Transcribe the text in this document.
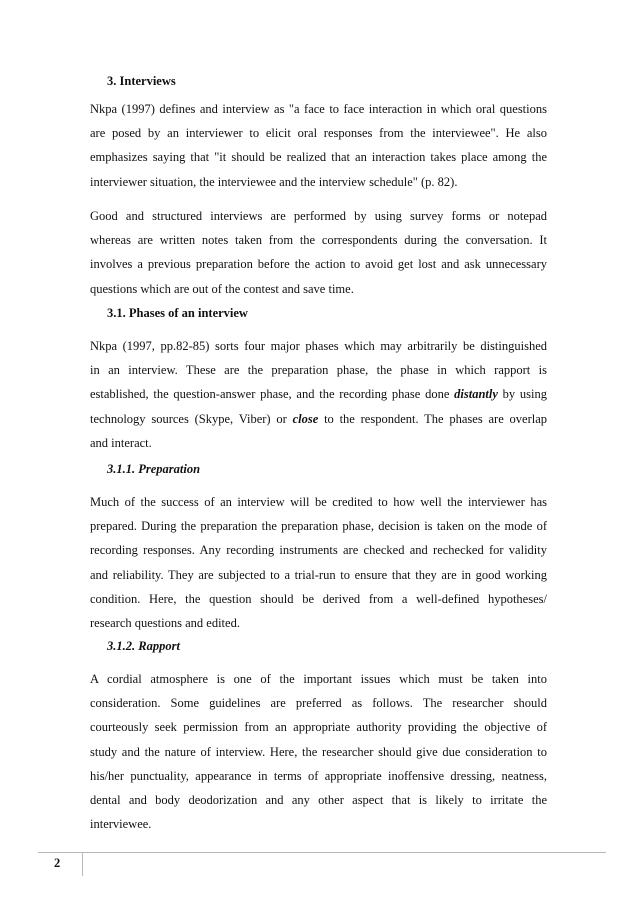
3. Interviews

Nkpa (1997) defines and interview as "a face to face interaction in which oral questions
are posed by an interviewer to elicit oral responses from the interviewee". He also
emphasizes saying that "it should be realized that an interaction takes place among the
interviewer situation, the interviewee and the interview schedule" (p. 82).

Good and structured interviews are performed by using survey forms or notepad
whereas are written notes taken from the correspondents during the conversation. It
involves a previous preparation before the action to avoid get lost and ask unnecessary
questions which are out of the contest and save time.

3.1. Phases of an interview

Nkpa (1997, pp.82-85) sorts four major phases which may arbitrarily be distinguished
in an interview. These are the preparation phase, the phase in which rapport is
established, the question-answer phase, and the recording phase done distantly by using
technology sources (Skype, Viber) or close to the respondent. The phases are overlap
and interact.

3.1.1. Preparation

Much of the success of an interview will be credited to how well the interviewer has
prepared. During the preparation the preparation phase, decision is taken on the mode of
recording responses. Any recording instruments are checked and rechecked for validity
and reliability. They are subjected to a trial-run to ensure that they are in good working
condition. Here, the question should be derived from a well-defined hypotheses/
research questions and edited.

3.1.2. Rapport

A cordial atmosphere is one of the important issues which must be taken into
consideration. Some guidelines are preferred as follows. The researcher should
courteously seek permission from an appropriate authority providing the objective of
study and the nature of interview. Here, the researcher should give due consideration to
his/her punctuality, appearance in terms of appropriate inoffensive dressing, neatness,
dental and body deodorization and any other aspect that is likely to irritate the
interviewee.

2
